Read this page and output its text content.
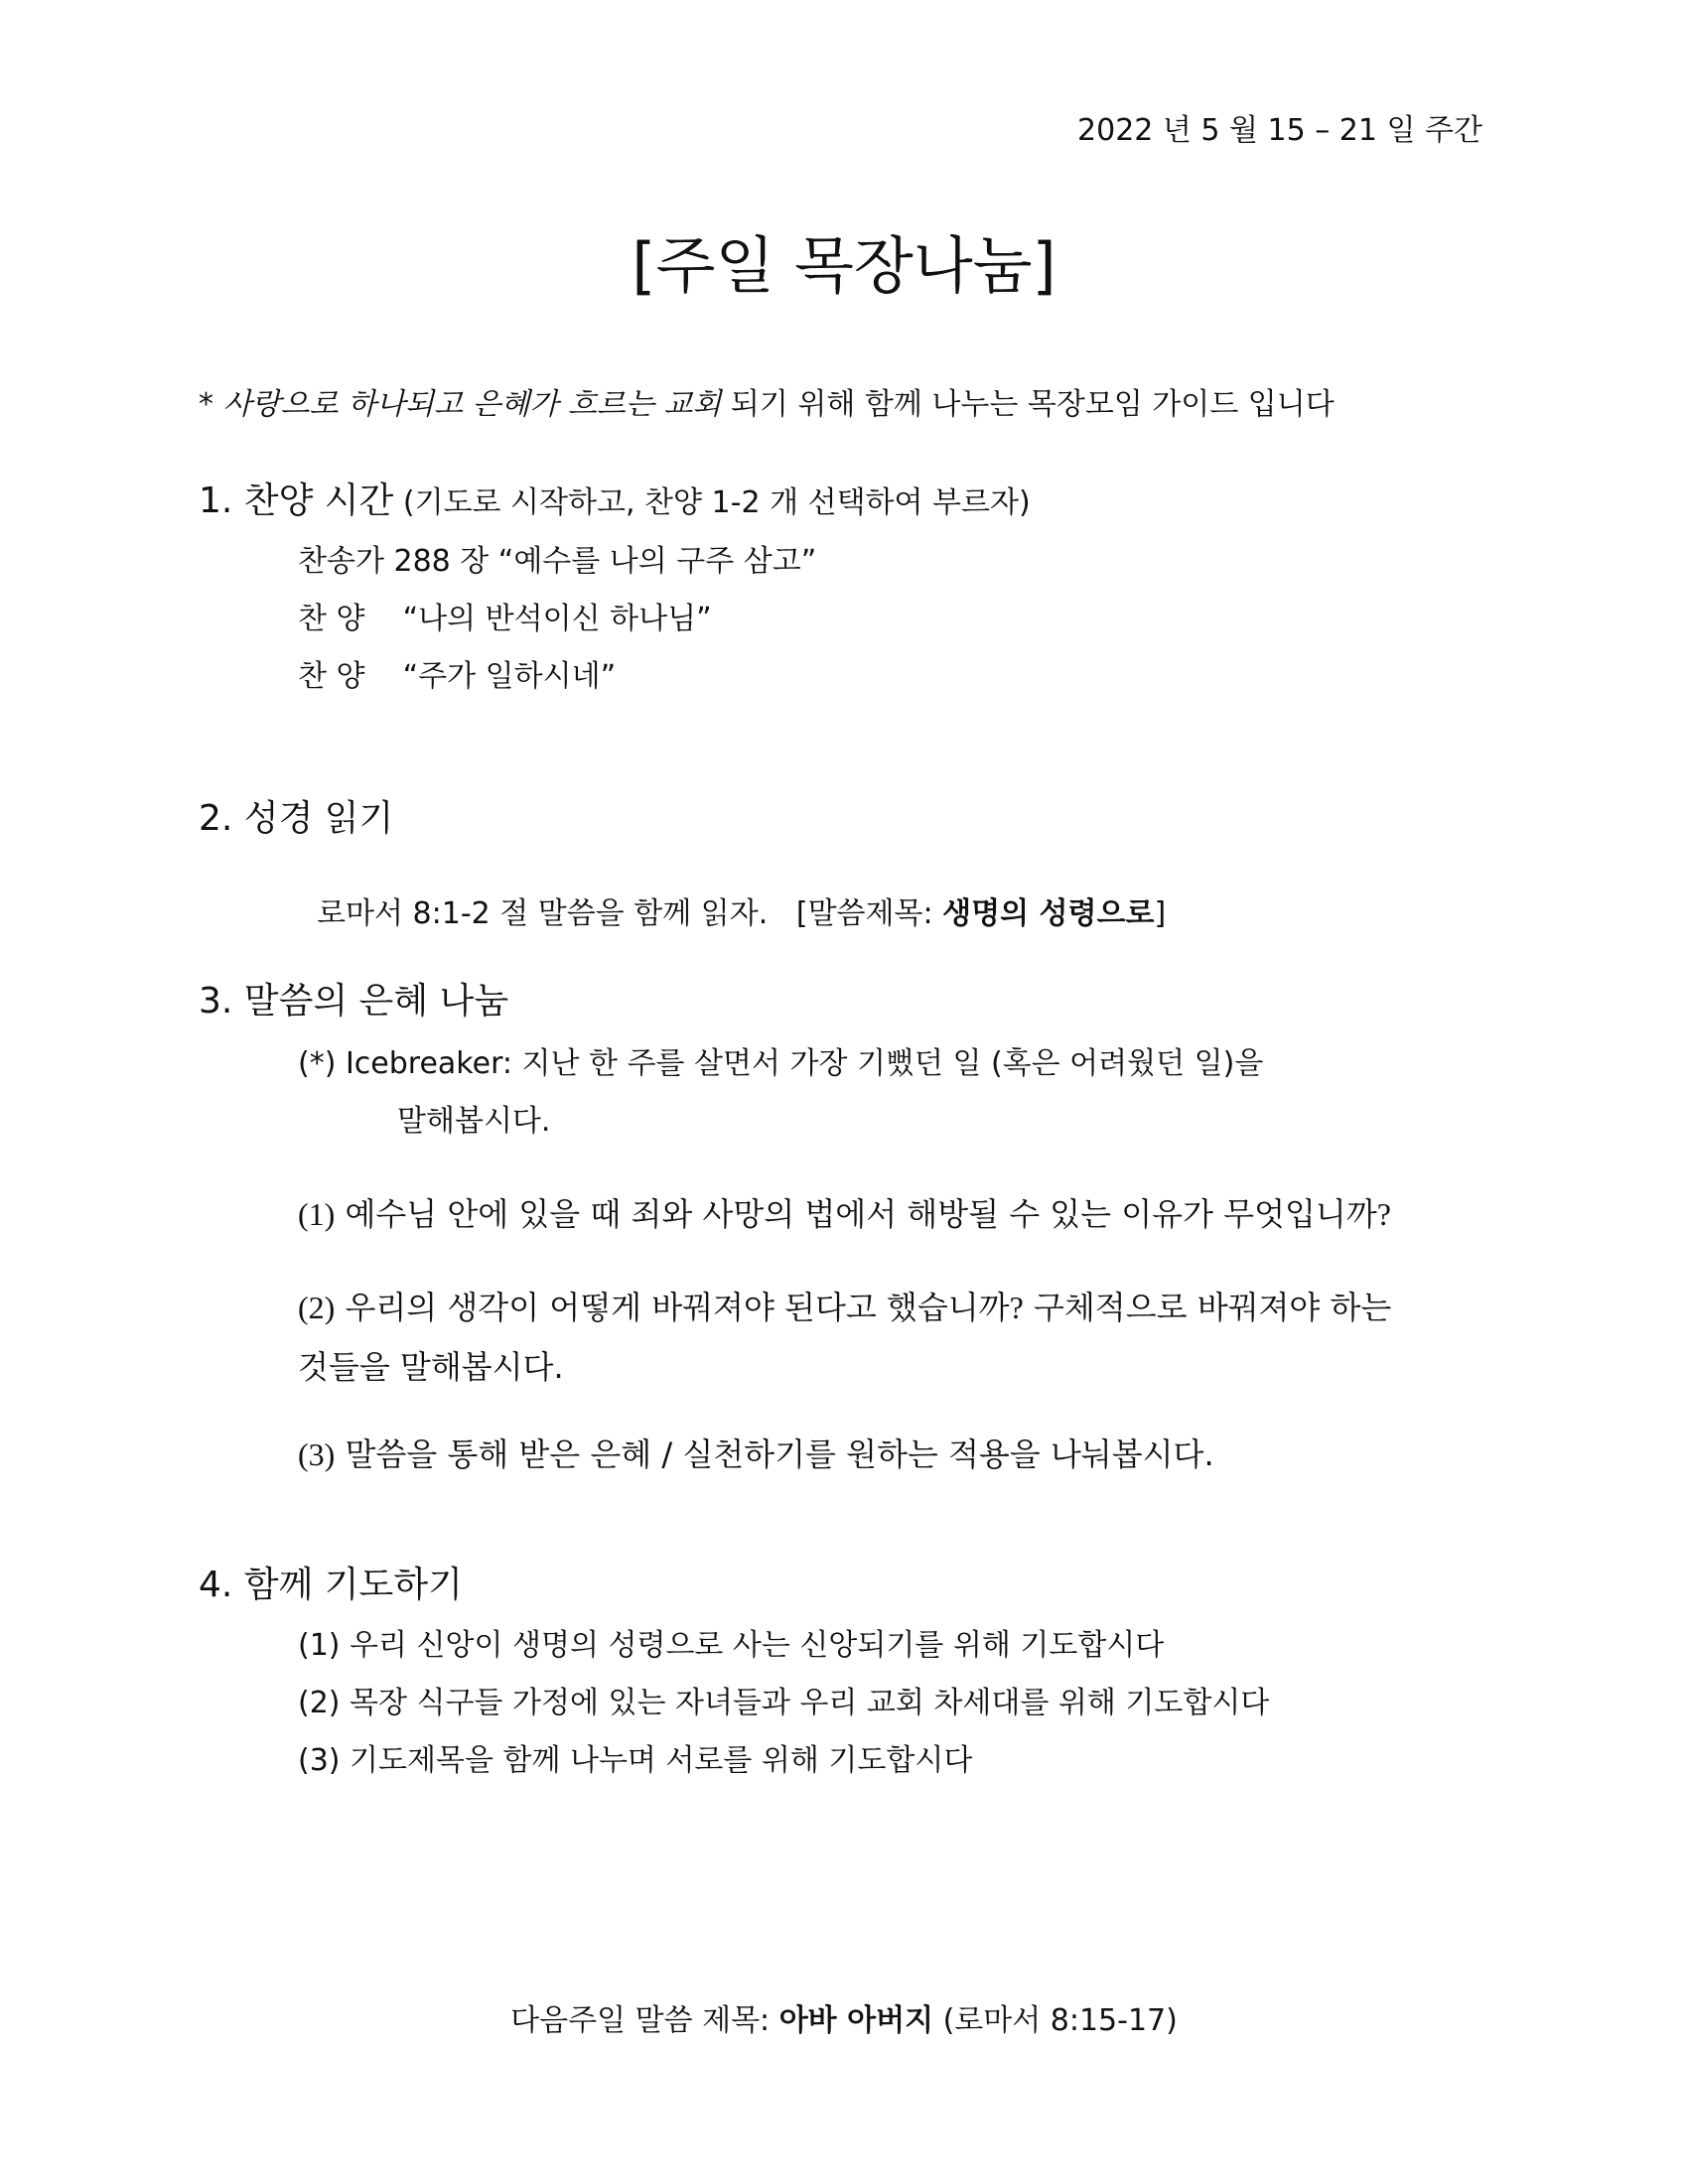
2022 년 5 월 15 – 21 일 주간
[주일 목장나눔]
* 사랑으로 하나되고 은혜가 흐르는 교회 되기 위해 함께 나누는 목장모임 가이드 입니다
1. 찬양 시간 (기도로 시작하고, 찬양 1-2 개 선택하여 부르자)
찬송가 288 장 “예수를 나의 구주 삼고”
찬 양    “나의 반석이신 하나님”
찬 양    “주가 일하시네”
2. 성경 읽기

로마서 8:1-2 절 말씀을 함께 읽자.   [말씀제목: 생명의 성령으로]

3. 말씀의 은혜 나눔
(*) Icebreaker: 지난 한 주를 살면서 가장 기뻤던 일 (혹은 어려웠던 일)을
말해봅시다.
(1) 예수님 안에 있을 때 죄와 사망의 법에서 해방될 수 있는 이유가 무엇입니까?
(2) 우리의 생각이 어떻게 바꿔져야 된다고 했습니까? 구체적으로 바꿔져야 하는
것들을 말해봅시다.
(3) 말씀을 통해 받은 은혜 / 실천하기를 원하는 적용을 나눠봅시다.
4. 함께 기도하기
(1) 우리 신앙이 생명의 성령으로 사는 신앙되기를 위해 기도합시다
(2) 목장 식구들 가정에 있는 자녀들과 우리 교회 차세대를 위해 기도합시다
(3) 기도제목을 함께 나누며 서로를 위해 기도합시다
다음주일 말씀 제목: 아바 아버지 (로마서 8:15-17)
